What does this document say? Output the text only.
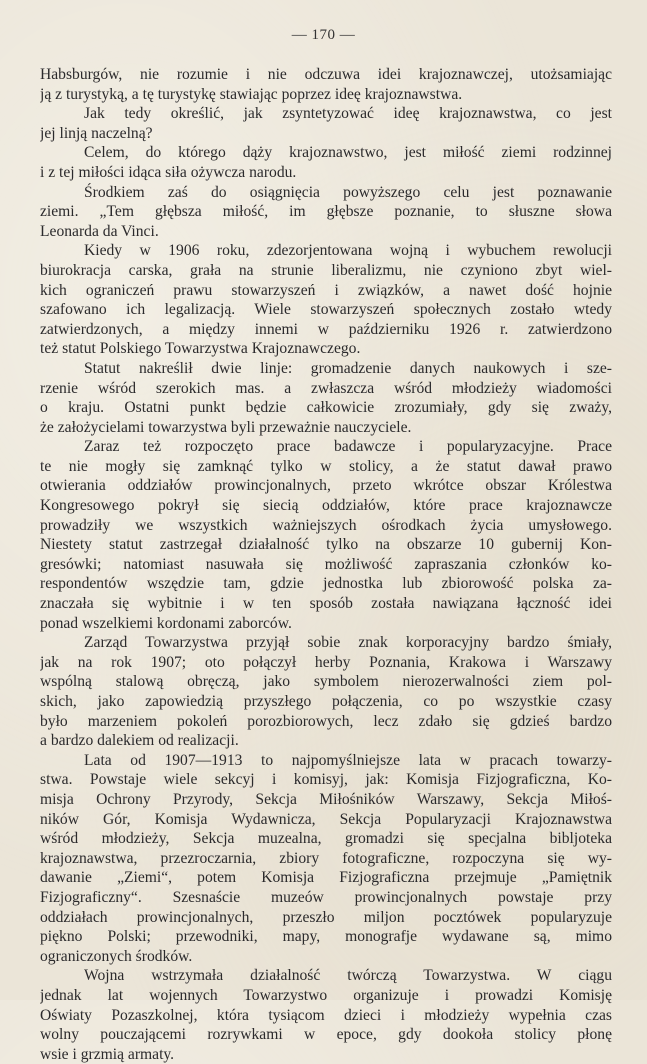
— 170 —
Habsburgów, nie rozumie i nie odczuwa idei krajoznawczej, utożsamiając
ją z turystyką, a tę turystykę stawiając poprzez ideę krajoznawstwa.
Jak tedy określić, jak zsyntetyzować ideę krajoznawstwa, co jest
jej linją naczelną?
Celem, do którego dąży krajoznawstwo, jest miłość ziemi rodzinnej
i z tej miłości idąca siła ożywcza narodu.
Środkiem zaś do osiągnięcia powyższego celu jest poznawanie
ziemi. „Tem głębsza miłość, im głębsze poznanie, to słuszne słowa
Leonarda da Vinci.
Kiedy w 1906 roku, zdezorjentowana wojną i wybuchem rewolucji
biurokracja carska, grała na strunie liberalizmu, nie czyniono zbyt wiel-
kich ograniczeń prawu stowarzyszeń i związków, a nawet dość hojnie
szafowano ich legalizacją. Wiele stowarzyszeń społecznych zostało wtedy
zatwierdzonych, a między innemi w październiku 1926 r. zatwierdzono
też statut Polskiego Towarzystwa Krajoznawczego.
Statut nakreślił dwie linje: gromadzenie danych naukowych i sze-
rzenie wśród szerokich mas. a zwłaszcza wśród młodzieży wiadomości
o kraju. Ostatni punkt będzie całkowicie zrozumiały, gdy się zważy,
że założycielami towarzystwa byli przeważnie nauczyciele.
Zaraz też rozpoczęto prace badawcze i popularyzacyjne. Prace
te nie mogły się zamknąć tylko w stolicy, a że statut dawał prawo
otwierania oddziałów prowincjonalnych, przeto wkrótce obszar Królestwa
Kongresowego pokrył się siecią oddziałów, które prace krajoznawcze
prowadziły we wszystkich ważniejszych ośrodkach życia umysłowego.
Niestety statut zastrzegał działalność tylko na obszarze 10 gubernij Kon-
gresówki; natomiast nasuwała się możliwość zapraszania członków ko-
respondentów wszędzie tam, gdzie jednostka lub zbiorowość polska za-
znaczała się wybitnie i w ten sposób została nawiązana łączność idei
ponad wszelkiemi kordonami zaborców.
Zarząd Towarzystwa przyjął sobie znak korporacyjny bardzo śmiały,
jak na rok 1907; oto połączył herby Poznania, Krakowa i Warszawy
wspólną stalową obręczą, jako symbolem nierozerwalności ziem pol-
skich, jako zapowiedzią przyszłego połączenia, co po wszystkie czasy
było marzeniem pokoleń porozbiorowych, lecz zdało się gdzieś bardzo
a bardzo dalekiem od realizacji.
Lata od 1907—1913 to najpomyślniejsze lata w pracach towarzy-
stwa. Powstaje wiele sekcyj i komisyj, jak: Komisja Fizjograficzna, Ko-
misja Ochrony Przyrody, Sekcja Miłośników Warszawy, Sekcja Miłoś-
ników Gór, Komisja Wydawnicza, Sekcja Popularyzacji Krajoznawstwa
wśród młodzieży, Sekcja muzealna, gromadzi się specjalna bibljoteka
krajoznawstwa, przezroczarnia, zbiory fotograficzne, rozpoczyna się wy-
dawanie „Ziemi“, potem Komisja Fizjograficzna przejmuje „Pamiętnik
Fizjograficzny“. Szesnaście muzeów prowincjonalnych powstaje przy
oddziałach prowincjonalnych, przeszło miljon pocztówek popularyzuje
piękno Polski; przewodniki, mapy, monografje wydawane są, mimo
ograniczonych środków.
Wojna wstrzymała działalność twórczą Towarzystwa. W ciągu
jednak lat wojennych Towarzystwo organizuje i prowadzi Komisję
Oświaty Pozaszkolnej, która tysiącom dzieci i młodzieży wypełnia czas
wolny pouczającemi rozrywkami w epoce, gdy dookoła stolicy płonę
wsie i grzmią armaty.
